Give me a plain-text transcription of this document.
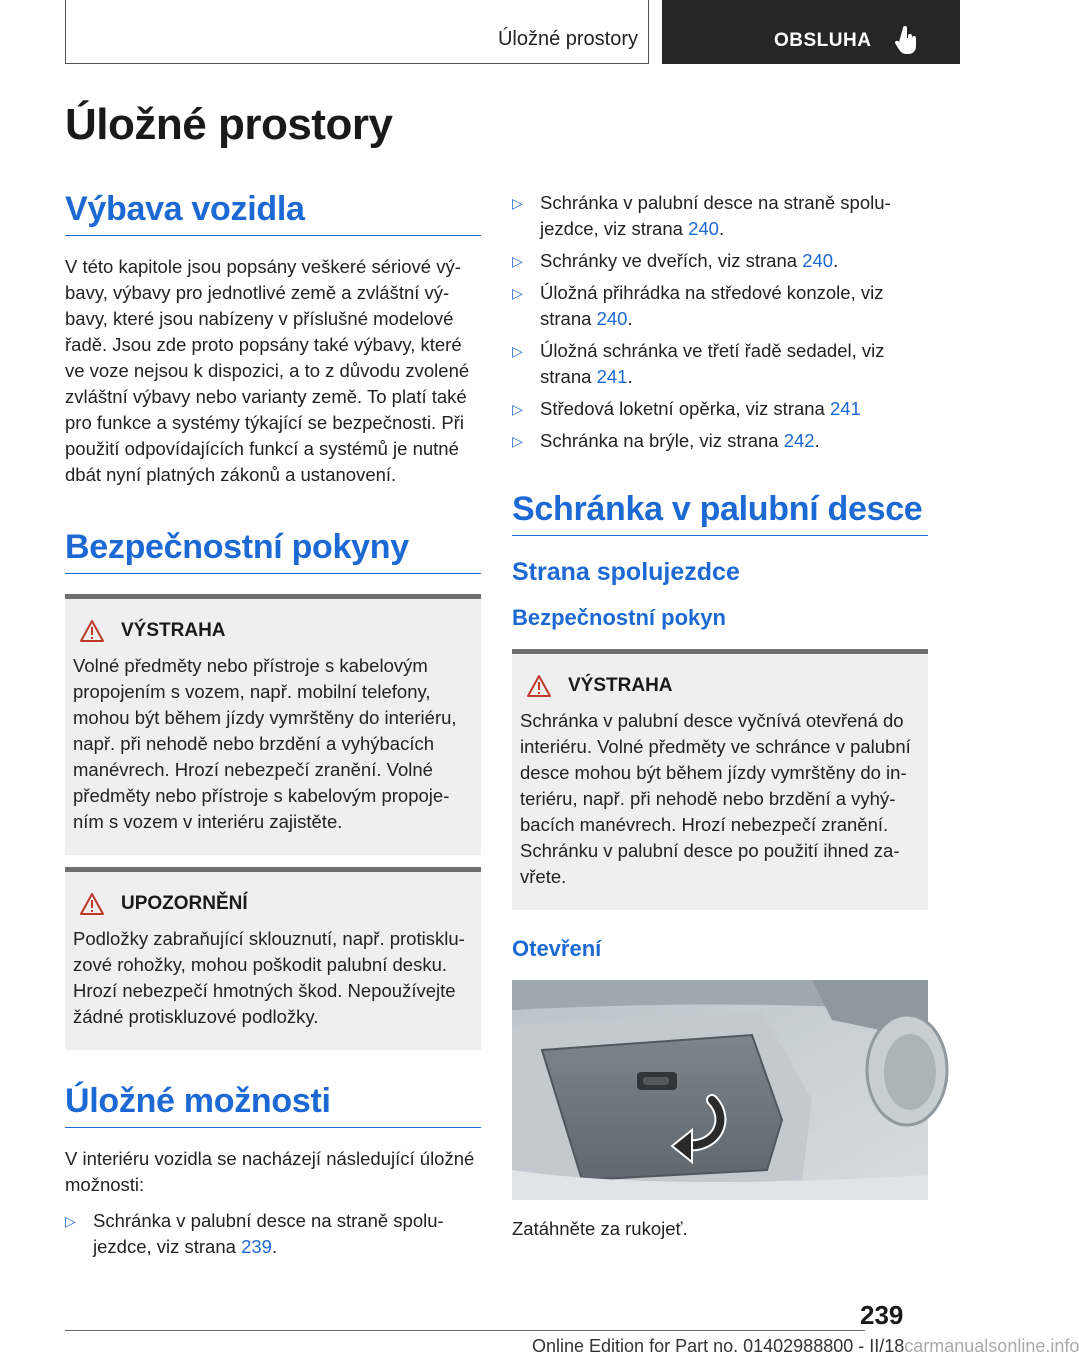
Úložné prostory	OBSLUHA
Úložné prostory
Výbava vozidla

V této kapitole jsou popsány veškeré sériové vý-bavy, výbavy pro jednotlivé země a zvláštní vý-bavy, které jsou nabízeny v příslušné modelové řadě. Jsou zde proto popsány také výbavy, které ve voze nejsou k dispozici, a to z důvodu zvolené zvláštní výbavy nebo varianty země. To platí také pro funkce a systémy týkající se bezpečnosti. Při použití odpovídajících funkcí a systémů je nutné dbát nyní platných zákonů a ustanovení.

Bezpečnostní pokyny
VÝSTRAHA

Volné předměty nebo přístroje s kabelovým propojením s vozem, např. mobilní telefony, mohou být během jízdy vymrštěny do interiéru, např. při nehodě nebo brzdění a vyhýbacích manévrech. Hrozí nebezpečí zranění. Volné předměty nebo přístroje s kabelovým propoje-ním s vozem v interiéru zajistěte.

UPOZORNĚNÍ

Podložky zabraňující sklouznutí, např. protisklu-zové rohožky, mohou poškodit palubní desku. Hrozí nebezpečí hmotných škod. Nepoužívejte žádné protiskluzové podložky.

Úložné možnosti

V interiéru vozidla se nacházejí následující úložné možnosti:

▷ Schránka v palubní desce na straně spolu-jezdce, viz strana 239.
▷ Schránka v palubní desce na straně spolu-jezdce, viz strana 240.
▷ Schránky ve dveřích, viz strana 240.
▷ Úložná přihrádka na středové konzole, viz strana 240.
▷ Úložná schránka ve třetí řadě sedadel, viz strana 241.
▷ Středová loketní opěrka, viz strana 241
▷ Schránka na brýle, viz strana 242.
Schránka v palubní desce
Strana spolujezdce
Bezpečnostní pokyn
VÝSTRAHA

Schránka v palubní desce vyčnívá otevřená do interiéru. Volné předměty ve schránce v palubní desce mohou být během jízdy vymrštěny do in-teriéru, např. při nehodě nebo brzdění a vyhý-bacích manévrech. Hrozí nebezpečí zranění. Schránku v palubní desce po použití ihned za-vřete.

Otevření

Zatáhněte za rukojeť.

239
Online Edition for Part no. 01402988800 - II/18carmanualsonline.info
